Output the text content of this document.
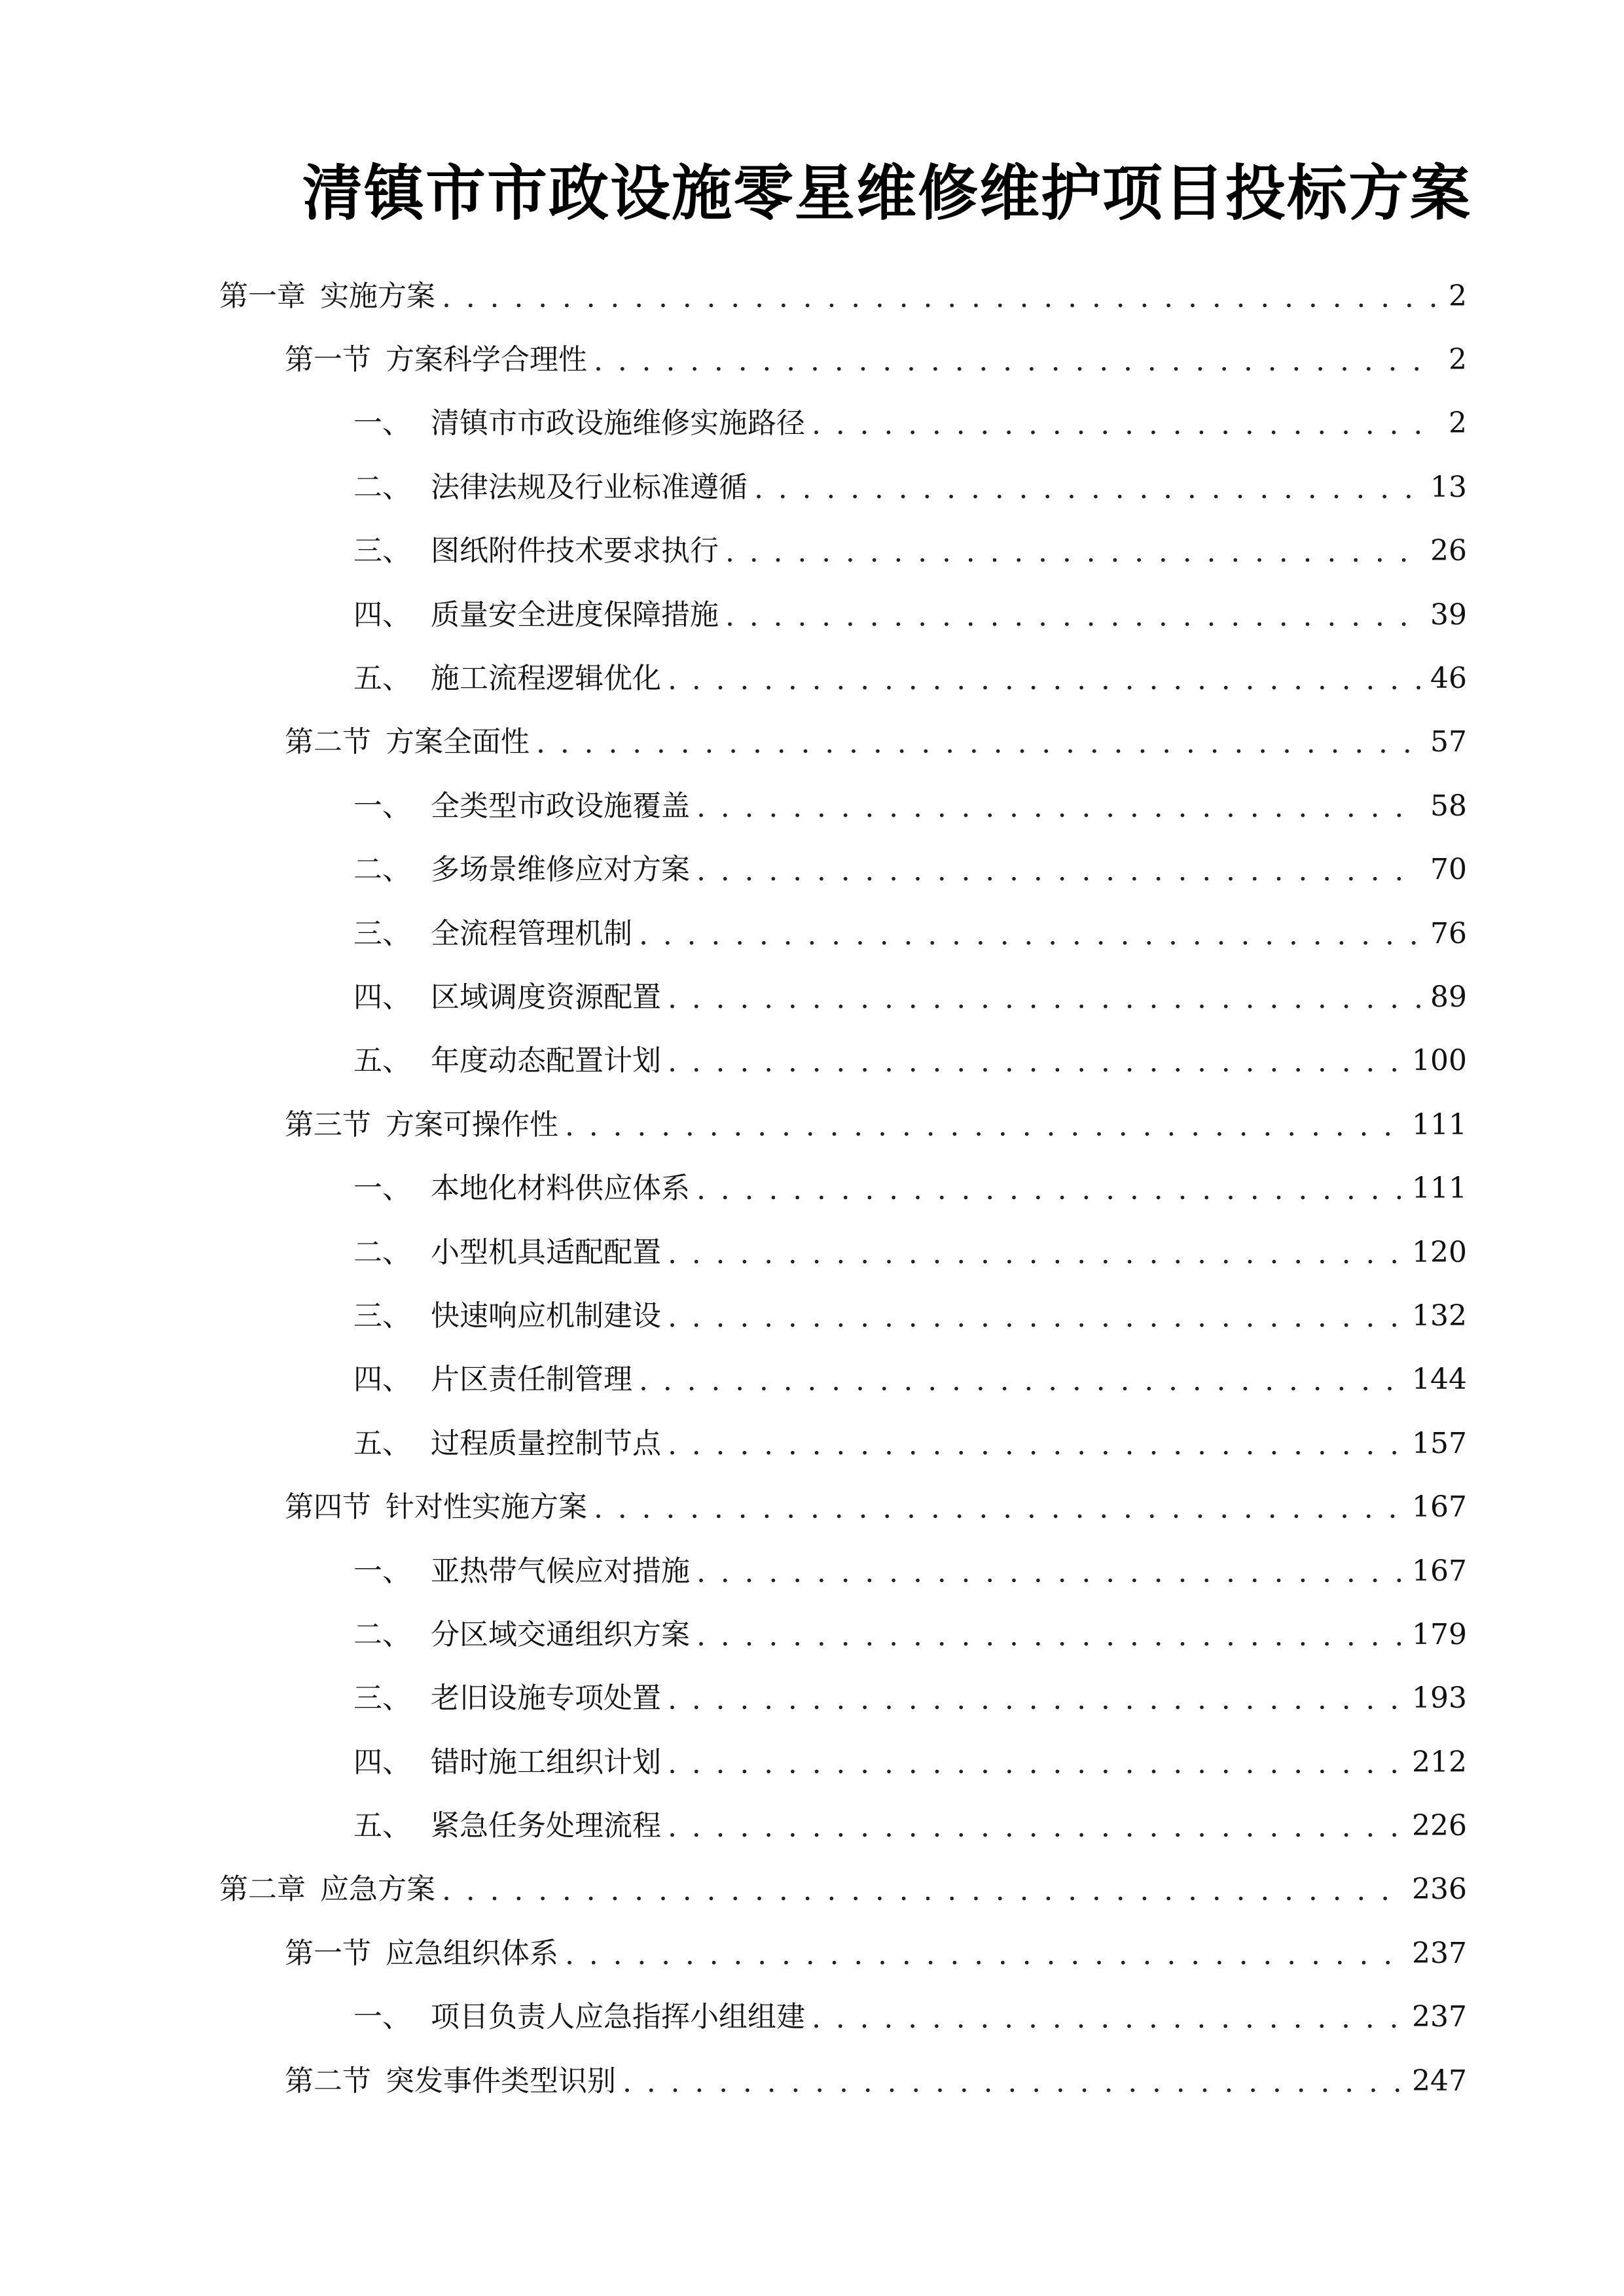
清镇市市政设施零星维修维护项目投标方案
第一章 实施方案 . . .	2
第一节 方案科学合理性 . . .	2
一、 清镇市市政设施维修实施路径 . . .	2
二、 法律法规及行业标准遵循 . . .	13
三、 图纸附件技术要求执行 . . .	26
四、 质量安全进度保障措施 . . .	39
五、 施工流程逻辑优化 . . .	46
第二节 方案全面性 . . .	57
一、 全类型市政设施覆盖 . . .	58
二、 多场景维修应对方案 . . .	70
三、 全流程管理机制 . . .	76
四、 区域调度资源配置 . . .	89
五、 年度动态配置计划 . . .	100
第三节 方案可操作性 . . .	111
一、 本地化材料供应体系 . . .	111
二、 小型机具适配配置 . . .	120
三、 快速响应机制建设 . . .	132
四、 片区责任制管理 . . .	144
五、 过程质量控制节点 . . .	157
第四节 针对性实施方案 . . .	167
一、 亚热带气候应对措施 . . .	167
二、 分区域交通组织方案 . . .	179
三、 老旧设施专项处置 . . .	193
四、 错时施工组织计划 . . .	212
五、 紧急任务处理流程 . . .	226
第二章 应急方案 . . .	236
第一节 应急组织体系 . . .	237
一、 项目负责人应急指挥小组组建 . . .	237
第二节 突发事件类型识别 . . .	247
